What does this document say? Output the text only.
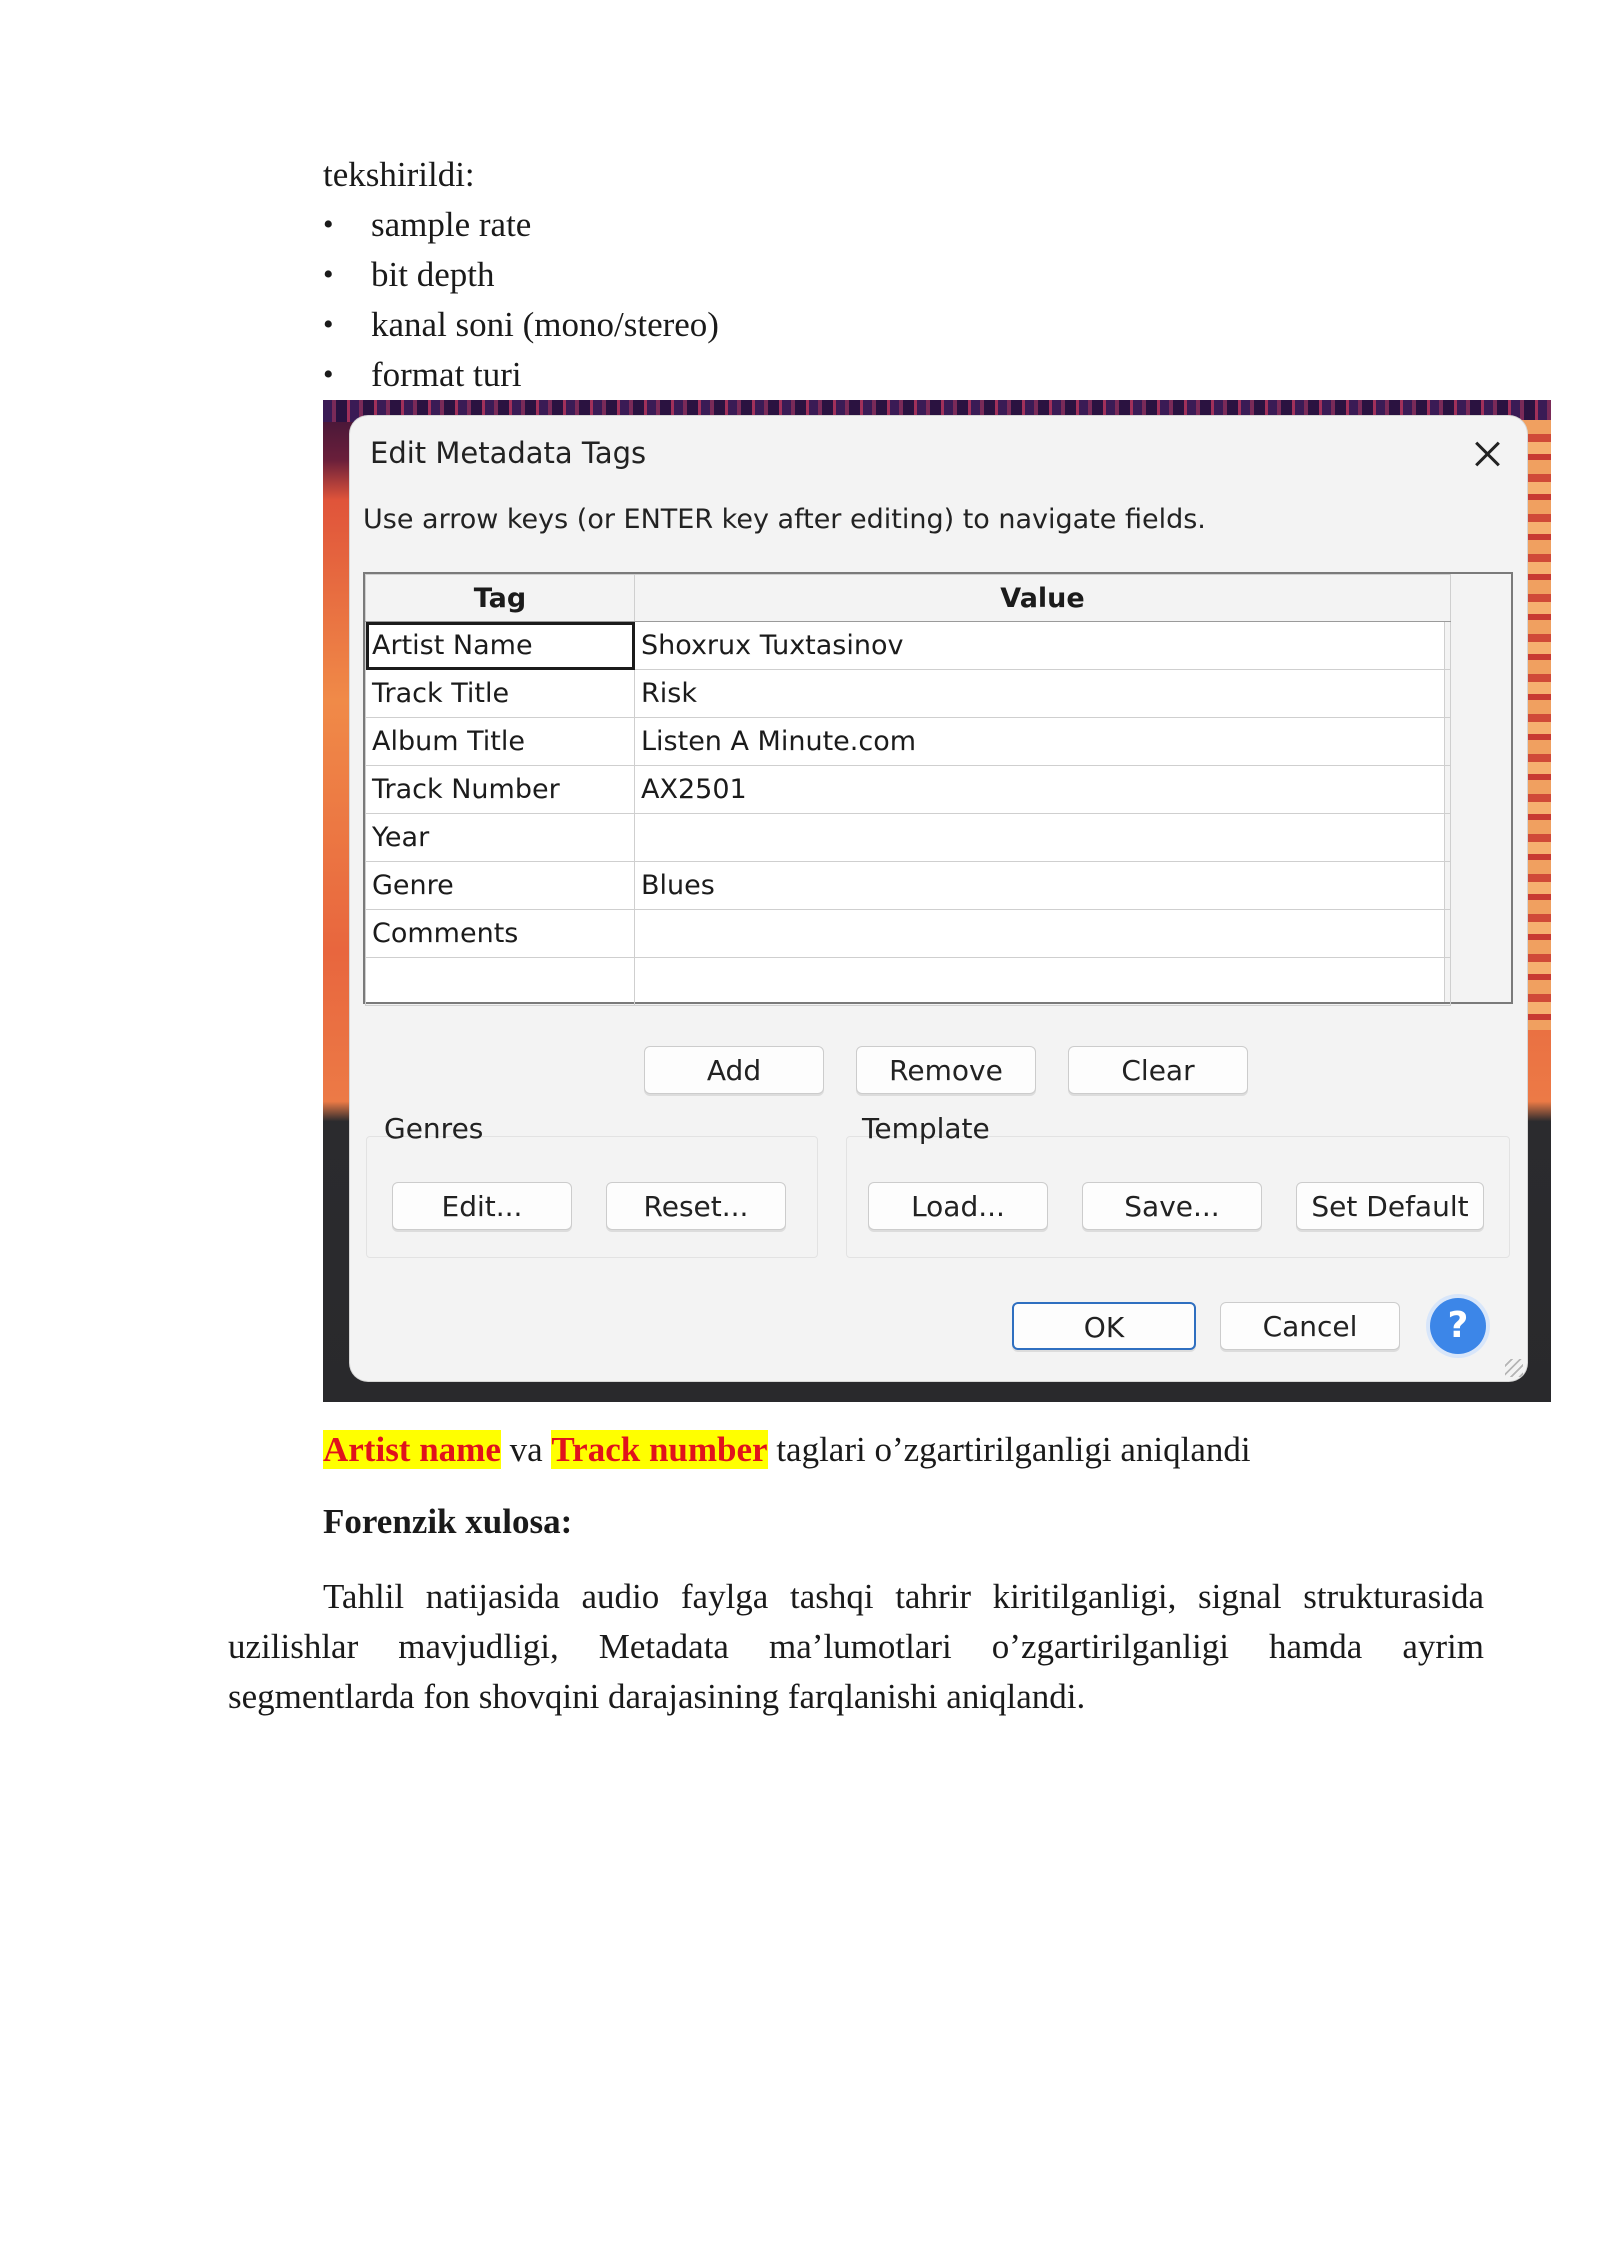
tekshirildi:
• sample rate
• bit depth
• kanal soni (mono/stereo)
• format turi
Edit Metadata Tags
Use arrow keys (or ENTER key after editing) to navigate fields.
Tag	Value
Artist Name	Shoxrux Tuxtasinov
Track Title	Risk
Album Title	Listen A Minute.com
Track Number	AX2501
Year	
Genre	Blues
Comments	

Add	Remove	Clear
Genres
Edit...	Reset...
Template
Load...	Save...	Set Default
OK	Cancel	?
Artist name va Track number taglari o’zgartirilganligi aniqlandi
Forenzik xulosa:
Tahlil natijasida audio faylga tashqi tahrir kiritilganligi, signal strukturasida uzilishlar mavjudligi, Metadata ma’lumotlari o’zgartirilganligi hamda ayrim segmentlarda fon shovqini darajasining farqlanishi aniqlandi.
